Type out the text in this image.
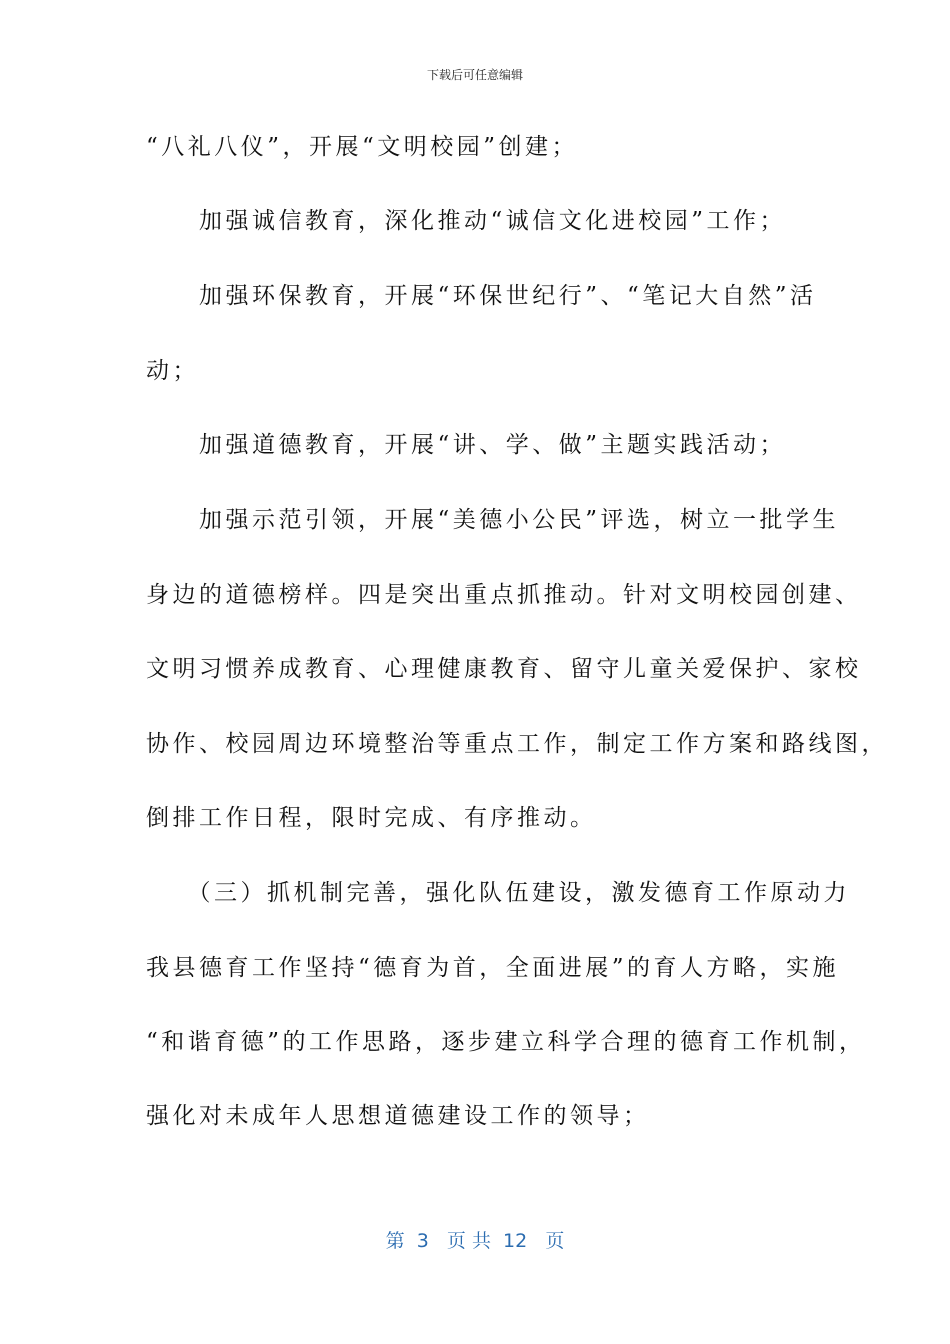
下载后可任意编辑
“八礼八仪”，开展“文明校园”创建；
　　加强诚信教育，深化推动“诚信文化进校园”工作；
　　加强环保教育，开展“环保世纪行”、“笔记大自然”活
动；
　　加强道德教育，开展“讲、学、做”主题实践活动；
　　加强示范引领，开展“美德小公民”评选，树立一批学生
身边的道德榜样。四是突出重点抓推动。针对文明校园创建、
文明习惯养成教育、心理健康教育、留守儿童关爱保护、家校
协作、校园周边环境整治等重点工作，制定工作方案和路线图，
倒排工作日程，限时完成、有序推动。
　　（三）抓机制完善，强化队伍建设，激发德育工作原动力
我县德育工作坚持“德育为首，全面进展”的育人方略，实施
“和谐育德”的工作思路，逐步建立科学合理的德育工作机制，
强化对未成年人思想道德建设工作的领导；
第  3   页 共  12   页
